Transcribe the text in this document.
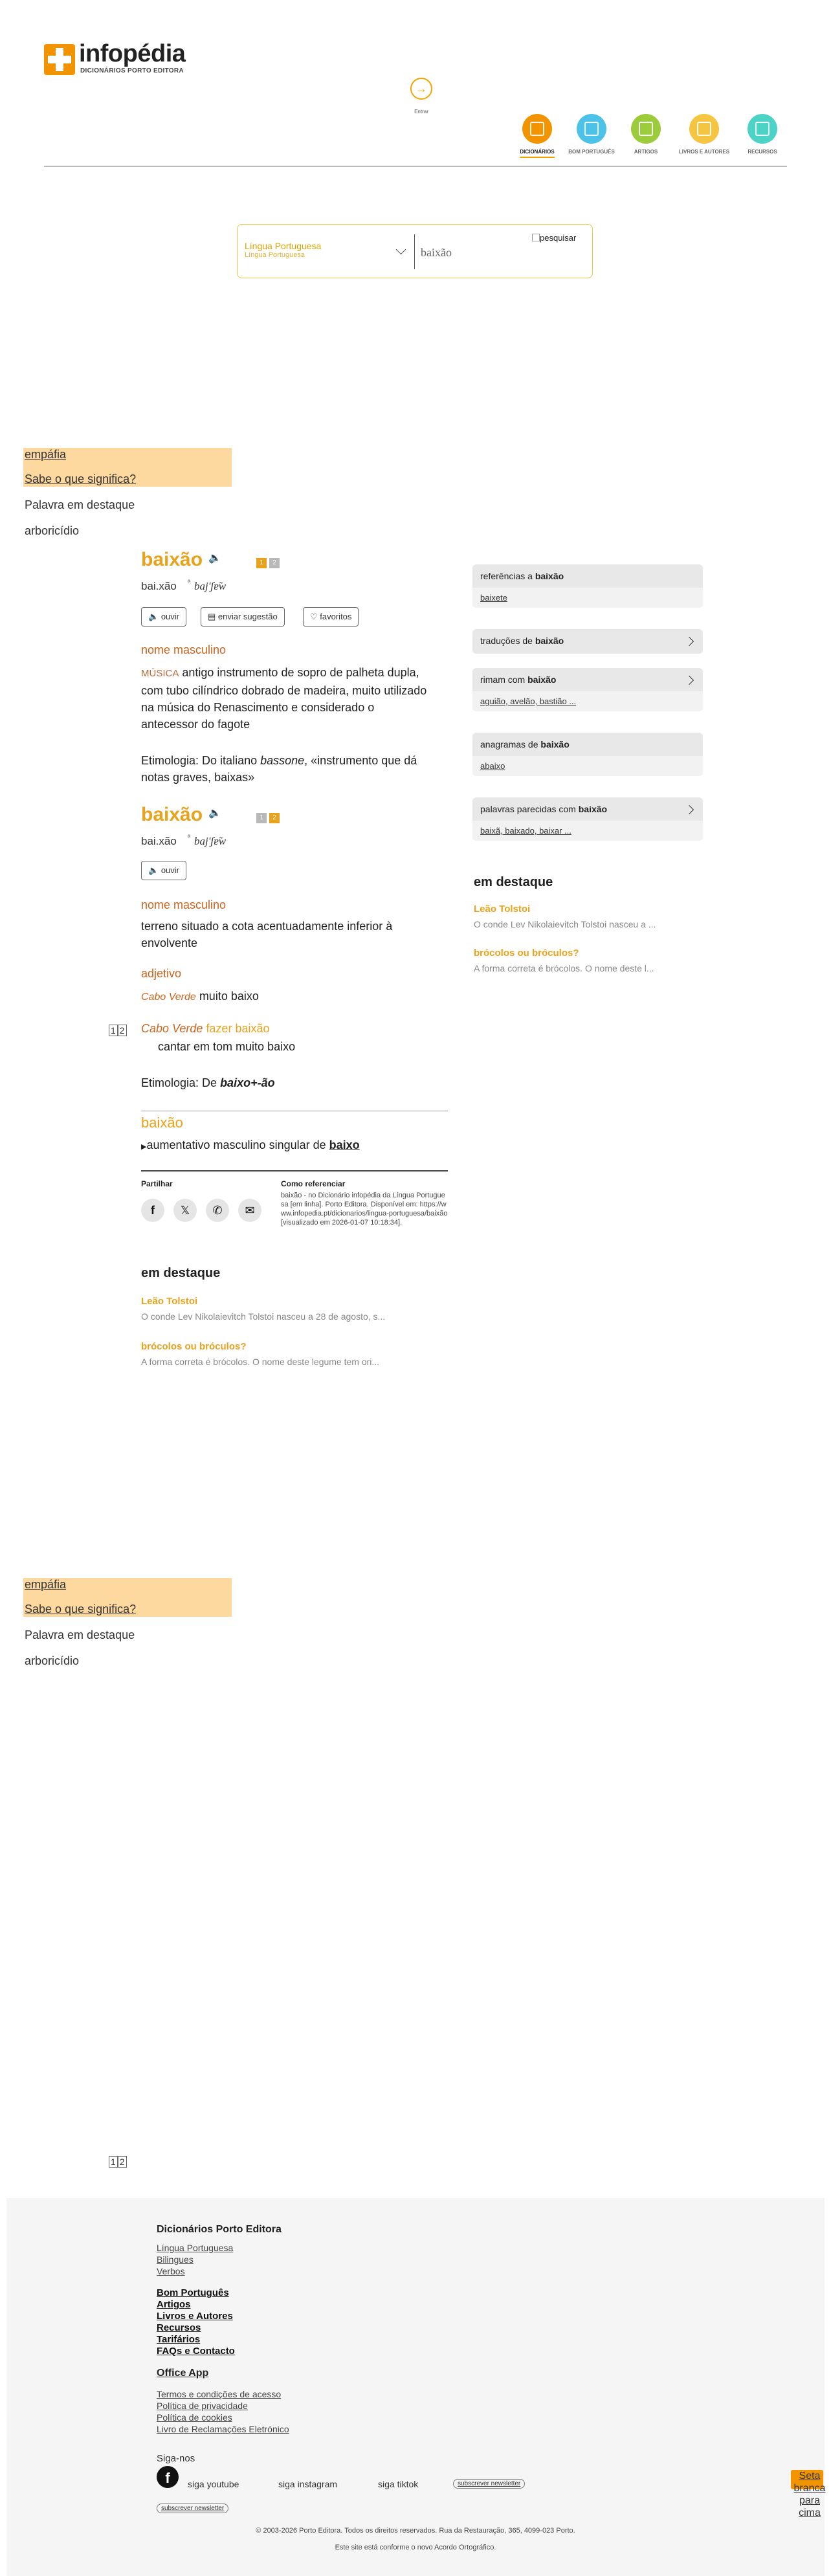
infopédia
DICIONÁRIOS PORTO EDITORA
→
Entrar
DICIONÁRIOS	BOM PORTUGUÊS	ARTIGOS	LIVROS E AUTORES	RECURSOS
Língua Portuguesa
Língua Portuguesa
baixão
pesquisar
empáfia
Sabe o que significa?
Palavra em destaque
arboricídio
baixão 🔈	1	2
bai.xão ª baj'ʃɐ̃w
🔈 ouvir	▤ enviar sugestão	♡ favoritos
nome masculino
MÚSICA antigo instrumento de sopro de palheta dupla, com tubo cilíndrico dobrado de madeira, muito utilizado na música do Renascimento e considerado o antecessor do fagote
Etimologia: Do italiano bassone, «instrumento que dá notas graves, baixas»
baixão 🔈	1	2
bai.xão ª baj'ʃɐ̃w
🔈 ouvir
nome masculino
terreno situado a cota acentuadamente inferior à envolvente
adjetivo
Cabo Verde muito baixo
1 2 Cabo Verde fazer baixão
cantar em tom muito baixo
Etimologia: De baixo+-ão
baixão
▶aumentativo masculino singular de baixo
Partilhar
f	𝕏	✆	✉
Como referenciar
baixão - no Dicionário infopédia da Língua Portuguesa [em linha]. Porto Editora. Disponível em: https://www.infopedia.pt/dicionarios/lingua-portuguesa/baixão [visualizado em 2026-01-07 10:18:34].
em destaque
Leão Tolstoi
O conde Lev Nikolaievitch Tolstoi nasceu a 28 de agosto, s...
brócolos ou bróculos?
A forma correta é brócolos. O nome deste legume tem ori...
referências a baixão
baixete
traduções de baixão
rimam com baixão
aguião, avelão, bastião ...
anagramas de baixão
abaixo
palavras parecidas com baixão
baixã, baixado, baixar ...
em destaque
Leão Tolstoi
O conde Lev Nikolaievitch Tolstoi nasceu a ...
brócolos ou bróculos?
A forma correta é brócolos. O nome deste l...
empáfia
Sabe o que significa?
Palavra em destaque
arboricídio
1 2
Dicionários Porto Editora
Língua Portuguesa
Bilingues
Verbos
Bom Português
Artigos
Livros e Autores
Recursos
Tarifários
FAQs e Contacto
Office App
Termos e condições de acesso
Política de privacidade
Política de cookies
Livro de Reclamações Eletrónico
Siga-nos
f	siga youtube	siga instagram	siga tiktok	subscrever newsletter
subscrever newsletter
© 2003-2026 Porto Editora. Todos os direitos reservados. Rua da Restauração, 365, 4099-023 Porto.
Este site está conforme o novo Acordo Ortográfico.
Seta branca para cima
